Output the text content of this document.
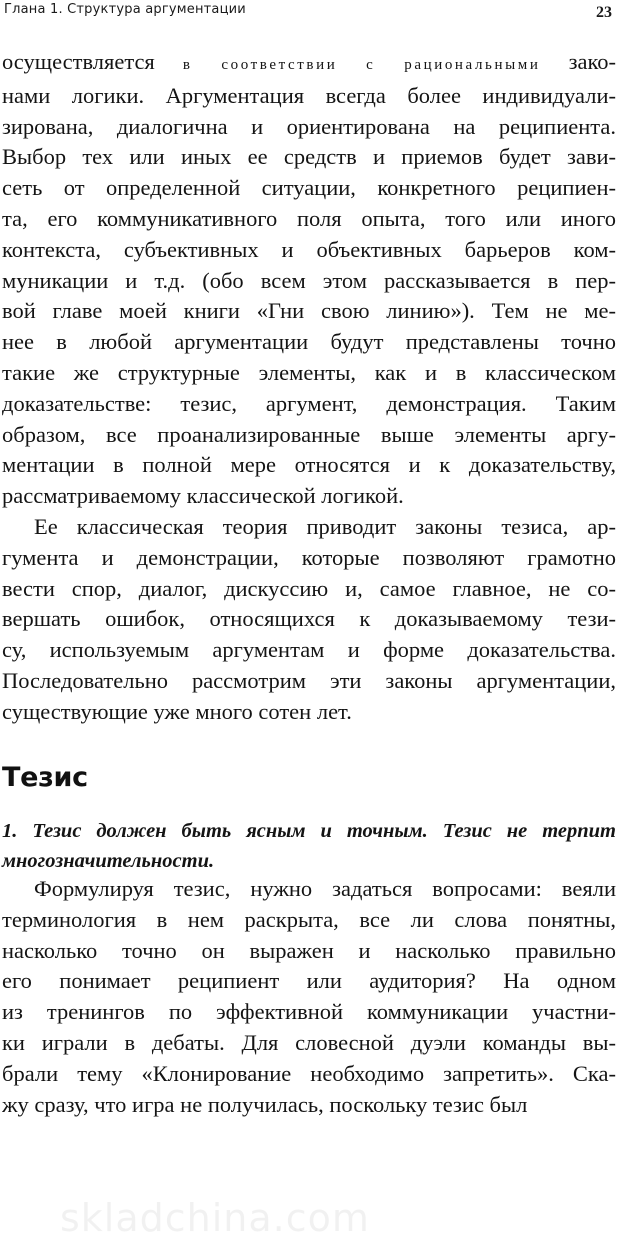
Глана 1. Структура аргументации	23
осуществляется в соответствии с рациональными зако-
нами логики. Аргументация всегда более индивидуали-
зирована, диалогична и ориентирована на реципиента.
Выбор тех или иных ее средств и приемов будет зави-
сеть от определенной ситуации, конкретного реципиен-
та, его коммуникативного поля опыта, того или иного
контекста, субъективных и объективных барьеров ком-
муникации и т.д. (обо всем этом рассказывается в пер-
вой главе моей книги «Гни свою линию»). Тем не ме-
нее в любой аргументации будут представлены точно
такие же структурные элементы, как и в классическом
доказательстве: тезис, аргумент, демонстрация. Таким
образом, все проанализированные выше элементы аргу-
ментации в полной мере относятся и к доказательству,
рассматриваемому классической логикой.
Ее классическая теория приводит законы тезиса, ар-
гумента и демонстрации, которые позволяют грамотно
вести спор, диалог, дискуссию и, самое главное, не со-
вершать ошибок, относящихся к доказываемому тези-
су, используемым аргументам и форме доказательства.
Последовательно рассмотрим эти законы аргументации,
существующие уже много сотен лет.
Тезис
1. Тезис должен быть ясным и точным. Тезис не терпит
многозначительности.
Формулируя тезис, нужно задаться вопросами: веяли
терминология в нем раскрыта, все ли слова понятны,
насколько точно он выражен и насколько правильно
его понимает реципиент или аудитория? На одном
из тренингов по эффективной коммуникации участни-
ки играли в дебаты. Для словесной дуэли команды вы-
брали тему «Клонирование необходимо запретить». Ска-
жу сразу, что игра не получилась, поскольку тезис был
skladchina.com
